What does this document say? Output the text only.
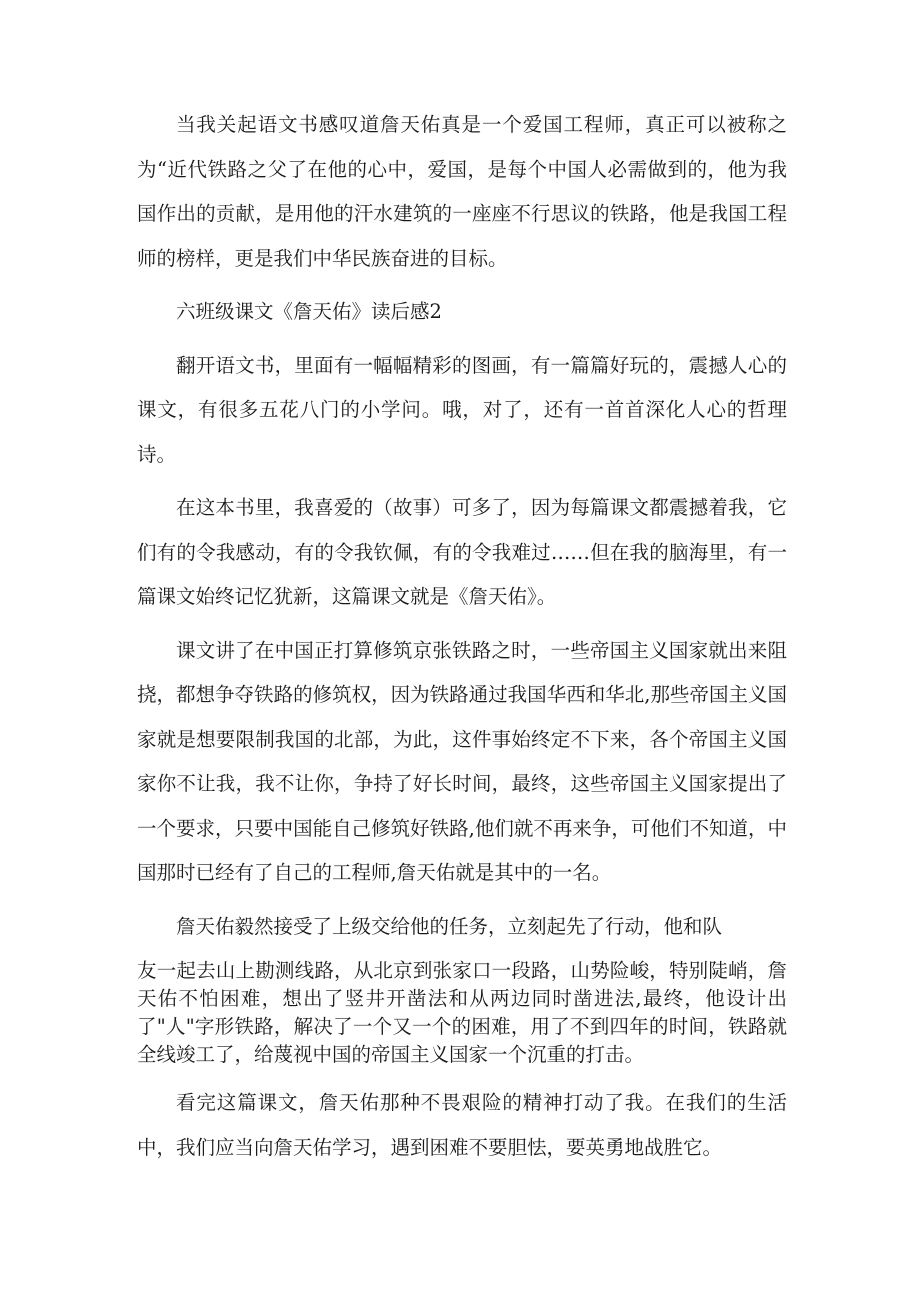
当我关起语文书感叹道詹天佑真是一个爱国工程师，真正可以被称之为“近代铁路之父了在他的心中，爱国，是每个中国人必需做到的，他为我国作出的贡献，是用他的汗水建筑的一座座不行思议的铁路，他是我国工程师的榜样，更是我们中华民族奋进的目标。

六班级课文《詹天佑》读后感2

翻开语文书，里面有一幅幅精彩的图画，有一篇篇好玩的，震撼人心的课文，有很多五花八门的小学问。哦，对了，还有一首首深化人心的哲理诗。

在这本书里，我喜爱的（故事）可多了，因为每篇课文都震撼着我，它们有的令我感动，有的令我钦佩，有的令我难过……但在我的脑海里，有一篇课文始终记忆犹新，这篇课文就是《詹天佑》。

课文讲了在中国正打算修筑京张铁路之时，一些帝国主义国家就出来阻挠，都想争夺铁路的修筑权，因为铁路通过我国华西和华北,那些帝国主义国家就是想要限制我国的北部，为此，这件事始终定不下来，各个帝国主义国家你不让我，我不让你，争持了好长时间，最终，这些帝国主义国家提出了一个要求，只要中国能自己修筑好铁路,他们就不再来争，可他们不知道，中国那时已经有了自己的工程师,詹天佑就是其中的一名。

詹天佑毅然接受了上级交给他的任务，立刻起先了行动，他和队

友一起去山上勘测线路，从北京到张家口一段路，山势险峻，特别陡峭，詹天佑不怕困难，想出了竖井开凿法和从两边同时凿进法,最终，他设计出了"人"字形铁路，解决了一个又一个的困难，用了不到四年的时间，铁路就全线竣工了，给蔑视中国的帝国主义国家一个沉重的打击。

看完这篇课文，詹天佑那种不畏艰险的精神打动了我。在我们的生活中，我们应当向詹天佑学习，遇到困难不要胆怯，要英勇地战胜它。
